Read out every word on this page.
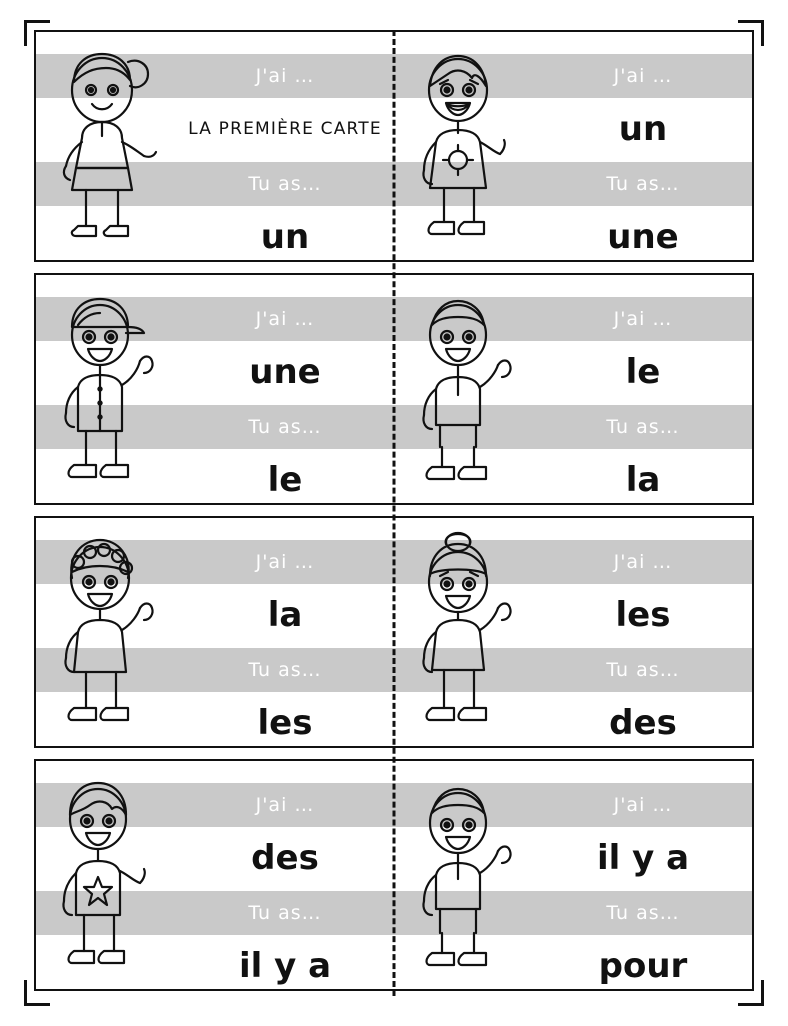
J'ai …
LA PREMIÈRE CARTE
Tu as…
un
J'ai …
un
Tu as…
une
J'ai …
une
Tu as…
le
J'ai …
le
Tu as…
la
J'ai …
la
Tu as…
les
J'ai …
les
Tu as…
des
J'ai …
des
Tu as…
il y a
J'ai …
il y a
Tu as…
pour
